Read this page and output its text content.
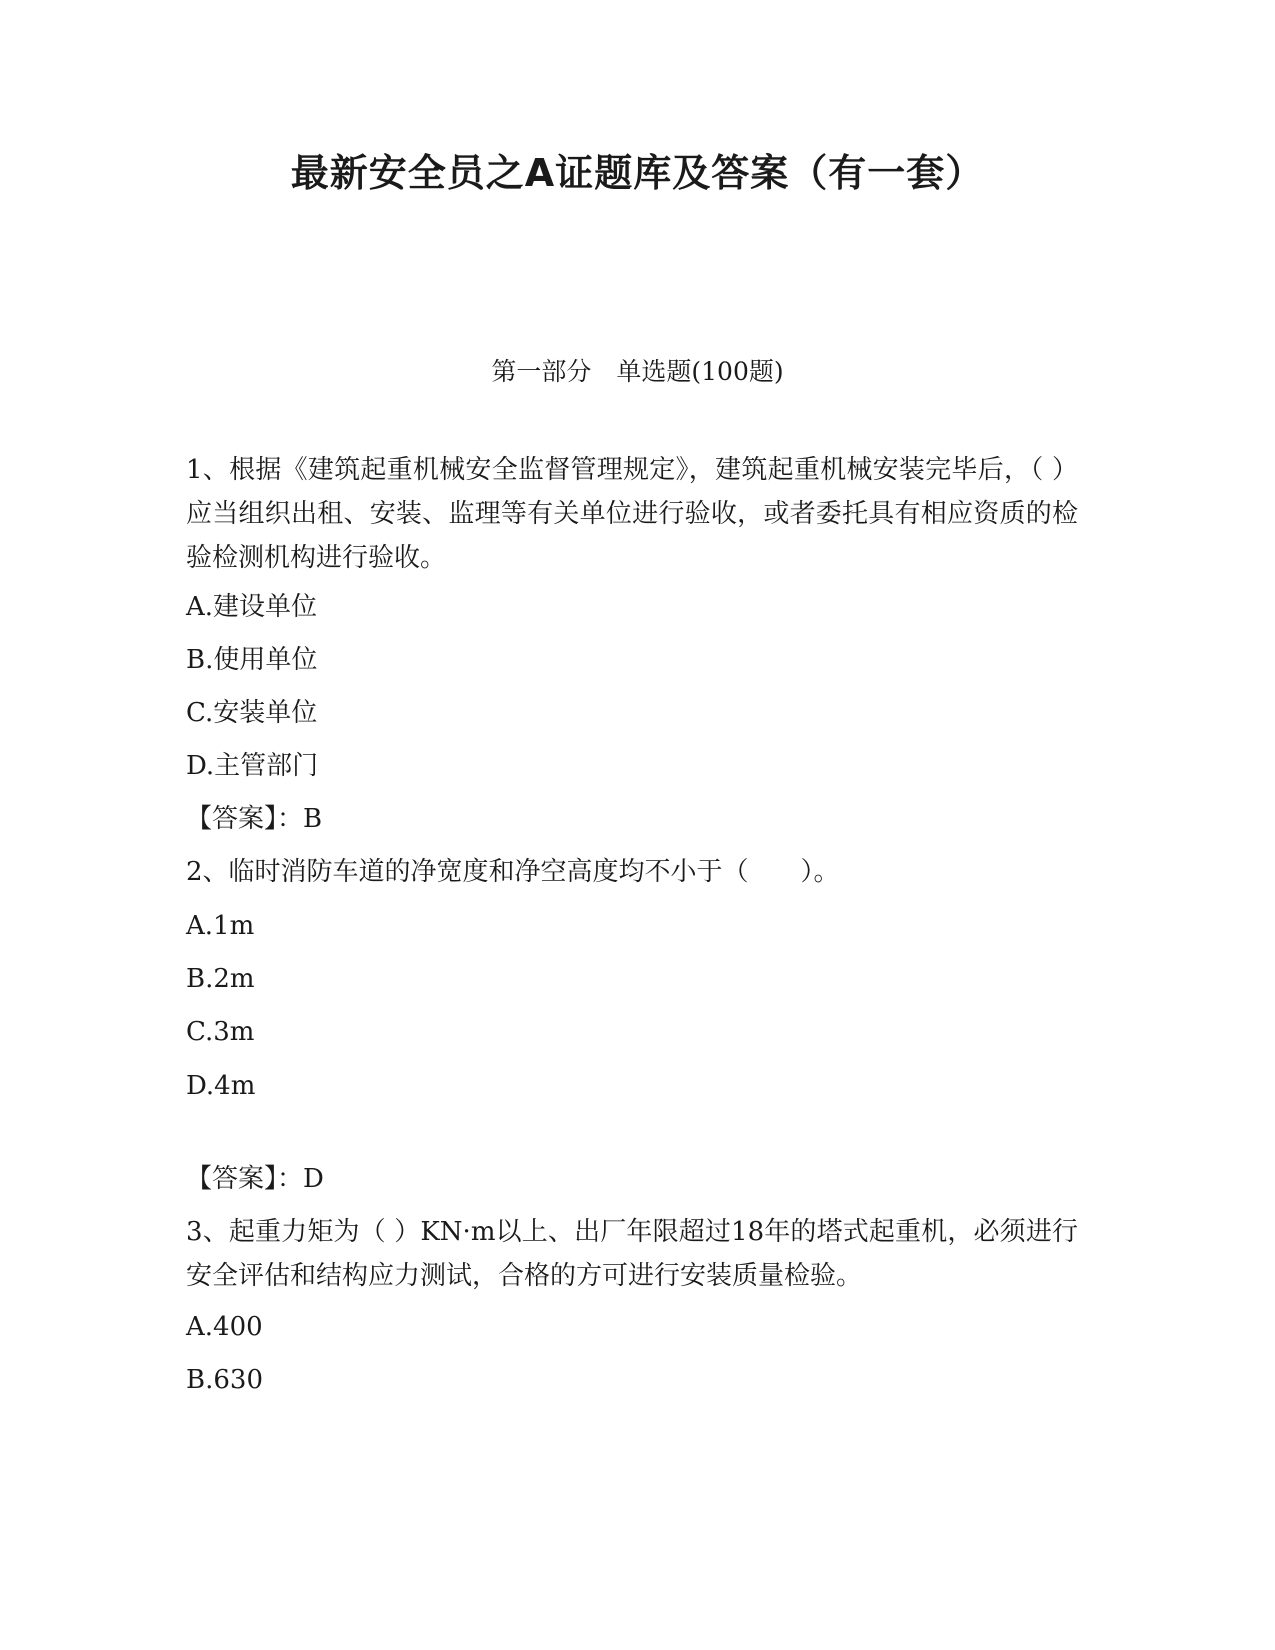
最新安全员之A证题库及答案（有一套）
第一部分　单选题(100题)
1、根据《建筑起重机械安全监督管理规定》，建筑起重机械安装完毕后，（ ）应当组织出租、安装、监理等有关单位进行验收，或者委托具有相应资质的检验检测机构进行验收。
A.建设单位
B.使用单位
C.安装单位
D.主管部门
【答案】：B
2、临时消防车道的净宽度和净空高度均不小于（　　）。
A.1m
B.2m
C.3m
D.4m
【答案】：D
3、起重力矩为（ ）KN·m以上、出厂年限超过18年的塔式起重机，必须进行安全评估和结构应力测试，合格的方可进行安装质量检验。
A.400
B.630
